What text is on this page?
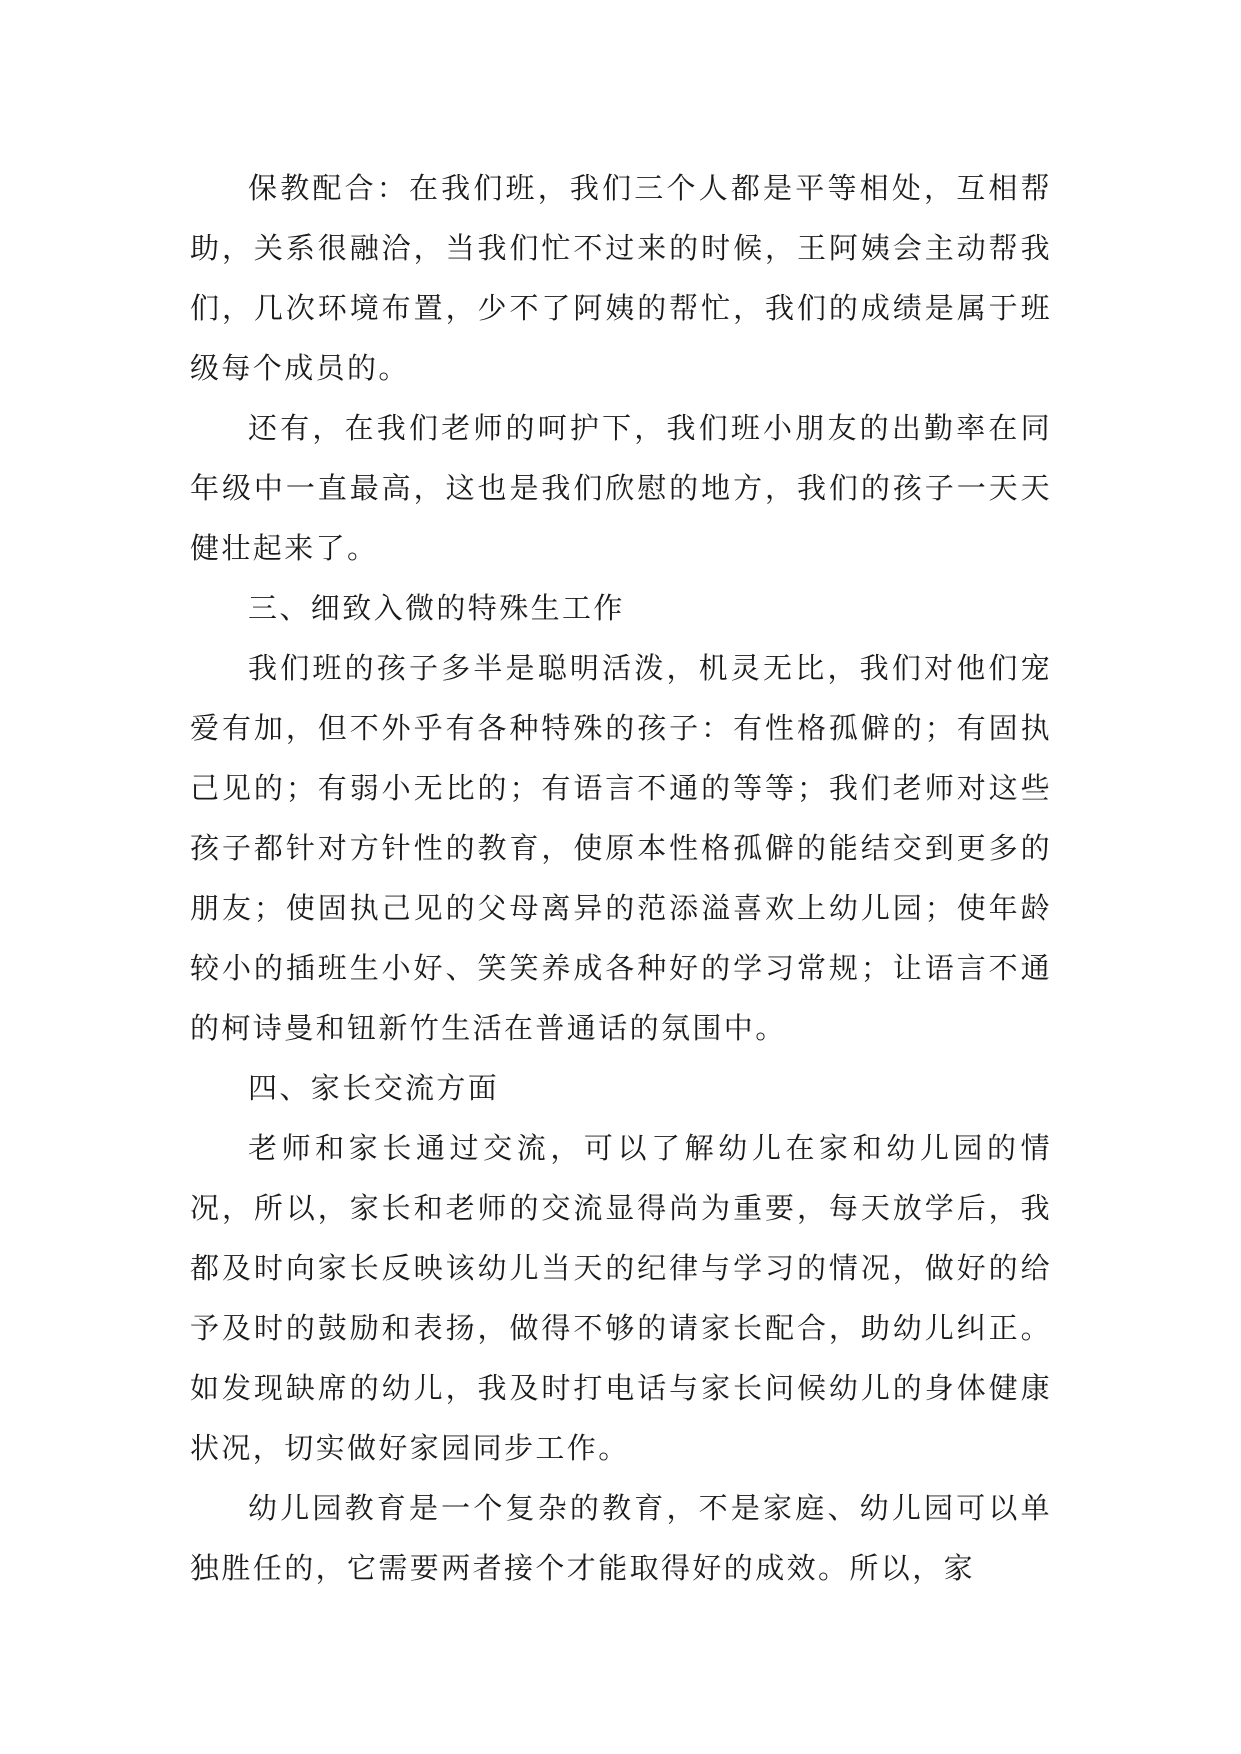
保教配合：在我们班，我们三个人都是平等相处，互相帮助，关系很融洽，当我们忙不过来的时候，王阿姨会主动帮我们，几次环境布置，少不了阿姨的帮忙，我们的成绩是属于班级每个成员的。

还有，在我们老师的呵护下，我们班小朋友的出勤率在同年级中一直最高，这也是我们欣慰的地方，我们的孩子一天天健壮起来了。

三、细致入微的特殊生工作

我们班的孩子多半是聪明活泼，机灵无比，我们对他们宠爱有加，但不外乎有各种特殊的孩子：有性格孤僻的；有固执己见的；有弱小无比的；有语言不通的等等；我们老师对这些孩子都针对方针性的教育，使原本性格孤僻的能结交到更多的朋友；使固执己见的父母离异的范添溢喜欢上幼儿园；使年龄较小的插班生小好、笑笑养成各种好的学习常规；让语言不通的柯诗曼和钮新竹生活在普通话的氛围中。

四、家长交流方面

老师和家长通过交流，可以了解幼儿在家和幼儿园的情况，所以，家长和老师的交流显得尚为重要，每天放学后，我都及时向家长反映该幼儿当天的纪律与学习的情况，做好的给予及时的鼓励和表扬，做得不够的请家长配合，助幼儿纠正。如发现缺席的幼儿，我及时打电话与家长问候幼儿的身体健康状况，切实做好家园同步工作。

幼儿园教育是一个复杂的教育，不是家庭、幼儿园可以单独胜任的，它需要两者接个才能取得好的成效。所以，家
